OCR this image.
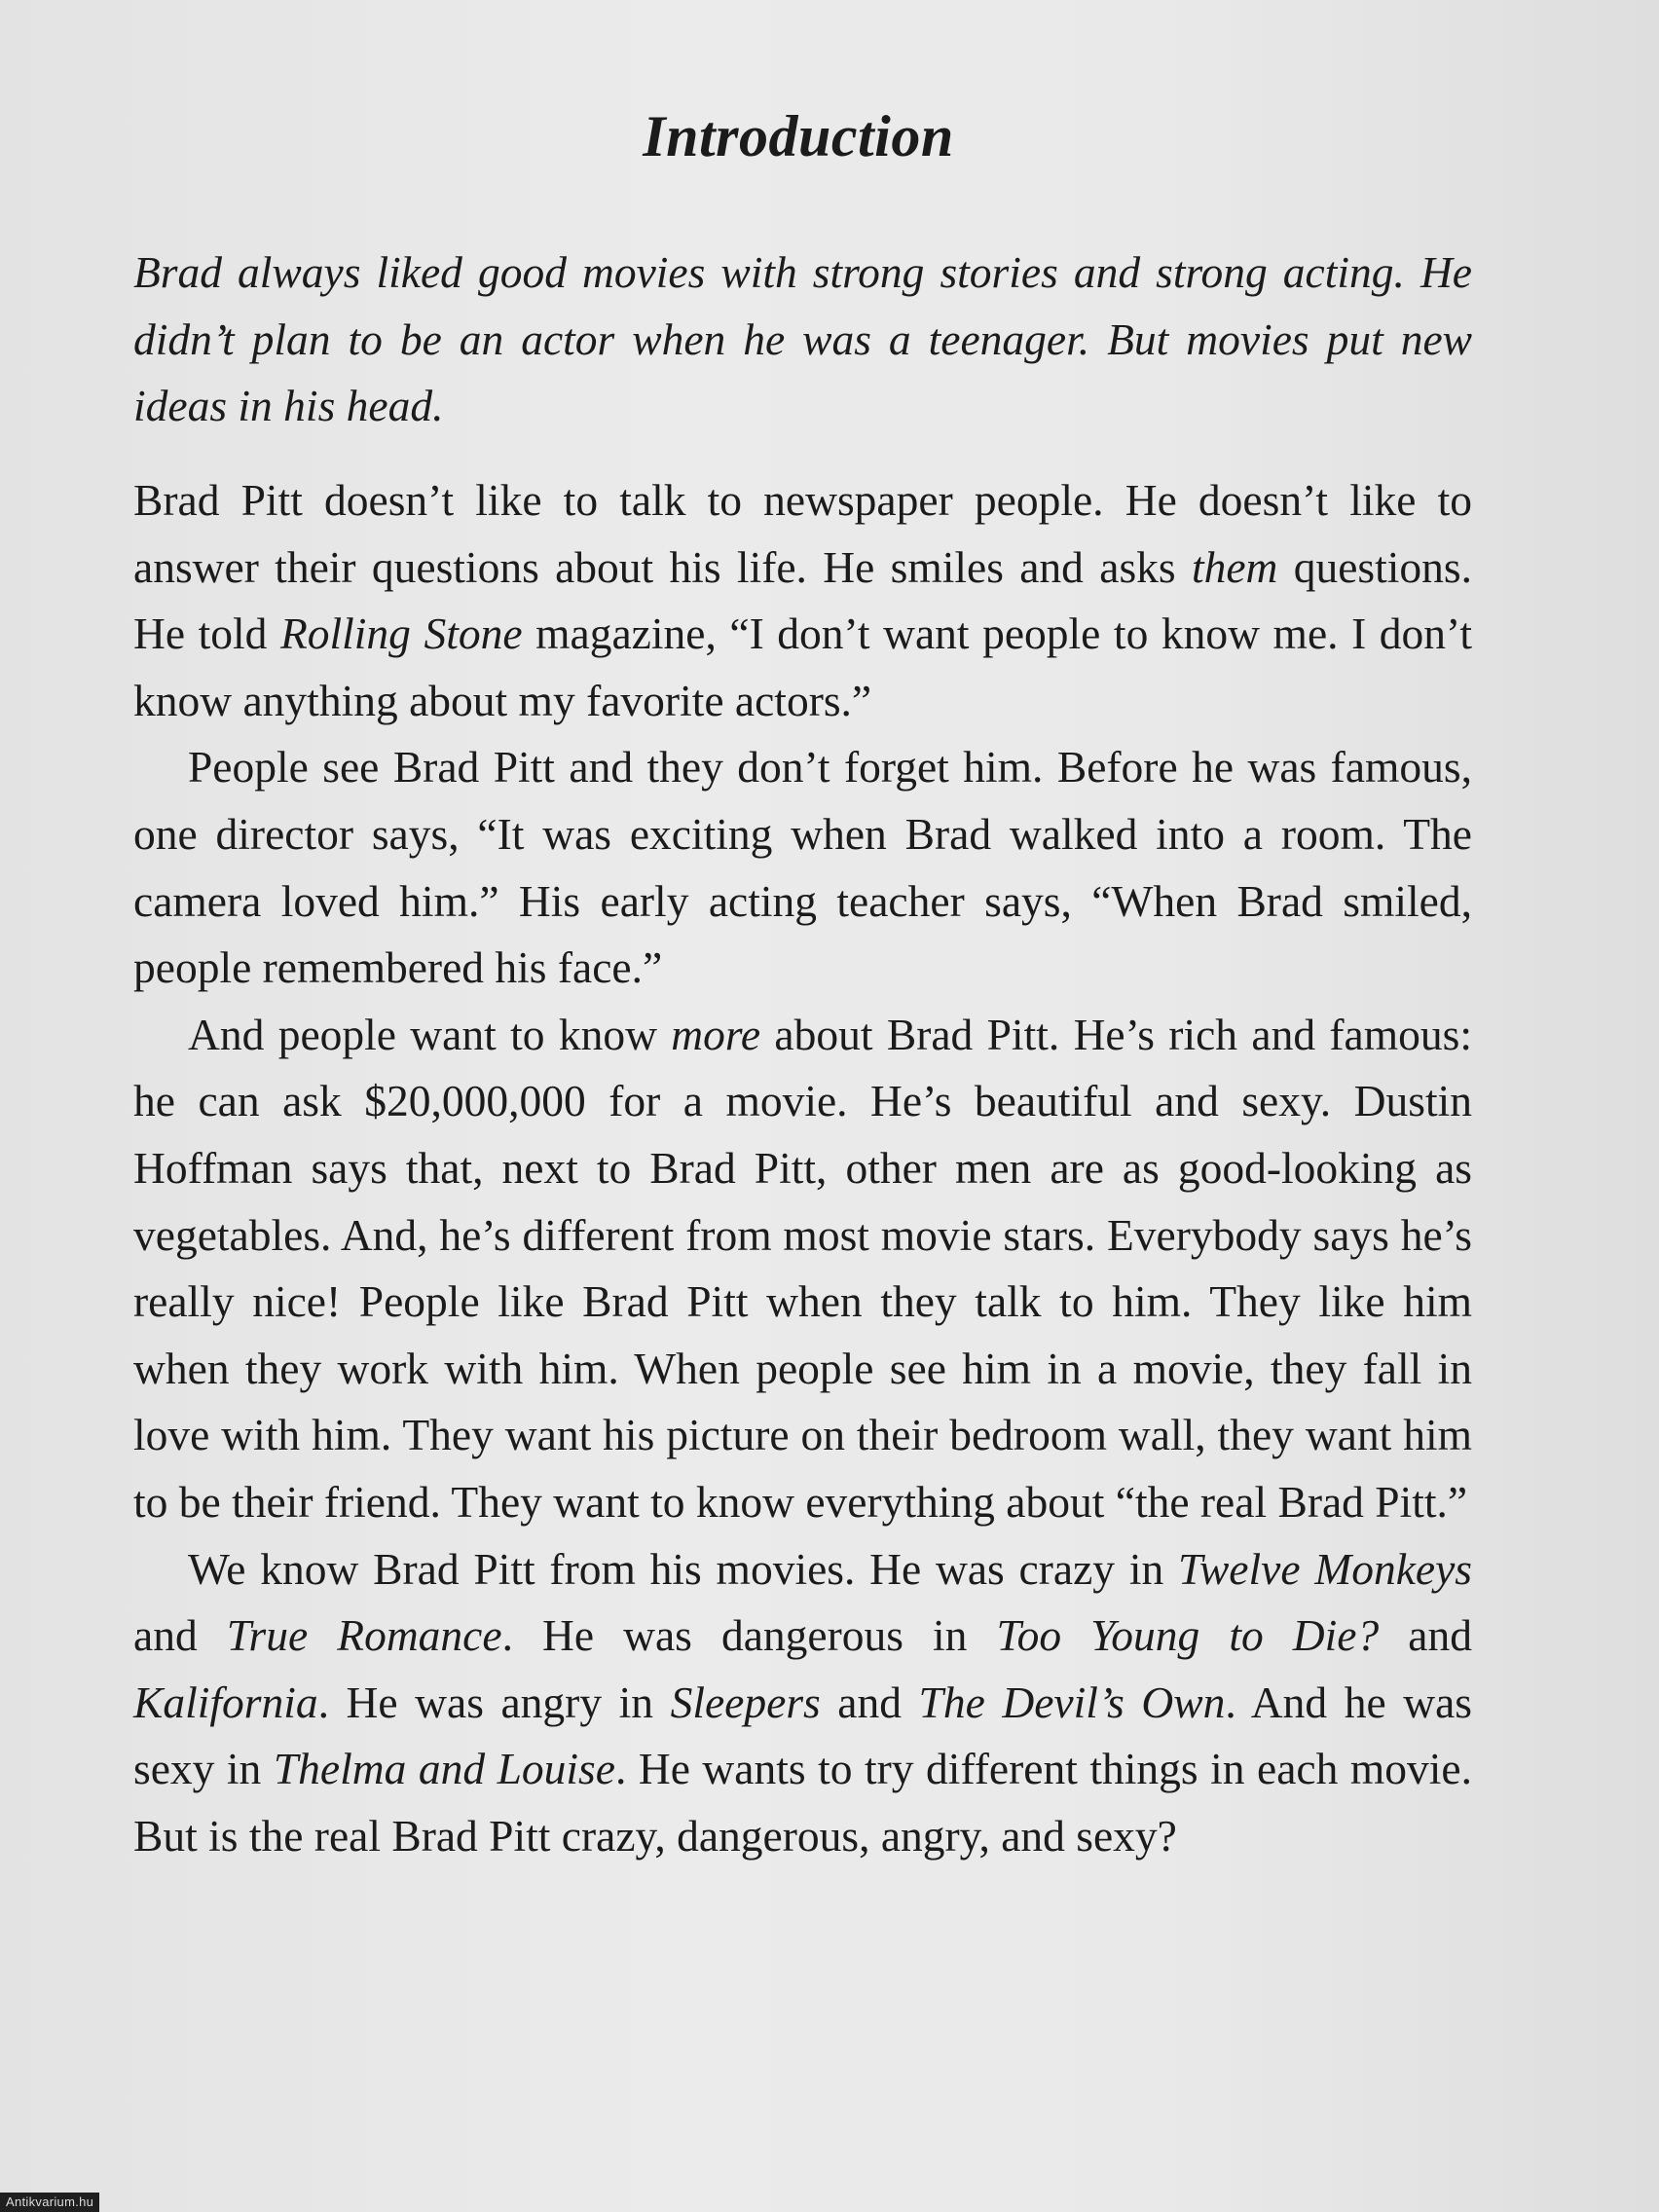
Introduction

Brad always liked good movies with strong stories and strong acting. He didn’t plan to be an actor when he was a teenager. But movies put new ideas in his head.

Brad Pitt doesn’t like to talk to newspaper people. He doesn’t like to answer their questions about his life. He smiles and asks them questions. He told Rolling Stone magazine, “I don’t want people to know me. I don’t know anything about my favorite actors.”

People see Brad Pitt and they don’t forget him. Before he was famous, one director says, “It was exciting when Brad walked into a room. The camera loved him.” His early acting teacher says, “When Brad smiled, people remembered his face.”

And people want to know more about Brad Pitt. He’s rich and famous: he can ask $20,000,000 for a movie. He’s beautiful and sexy. Dustin Hoffman says that, next to Brad Pitt, other men are as good-looking as vegetables. And, he’s different from most movie stars. Everybody says he’s really nice! People like Brad Pitt when they talk to him. They like him when they work with him. When people see him in a movie, they fall in love with him. They want his picture on their bedroom wall, they want him to be their friend. They want to know everything about “the real Brad Pitt.”

We know Brad Pitt from his movies. He was crazy in Twelve Monkeys and True Romance. He was dangerous in Too Young to Die? and Kalifornia. He was angry in Sleepers and The Devil’s Own. And he was sexy in Thelma and Louise. He wants to try different things in each movie. But is the real Brad Pitt crazy, dangerous, angry, and sexy?

Antikvarium.hu
